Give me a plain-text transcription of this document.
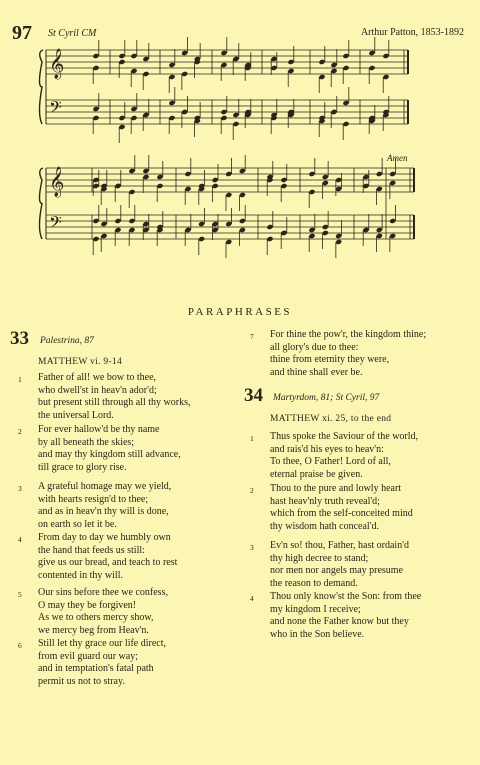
97 St Cyril CM	Arthur Patton, 1853-1892
Amen
𝄞
𝄢
𝄞
𝄢
PARAPHRASES
33 Palestrina, 87
MATTHEW vi. 9-14
1 Father of all! we bow to thee,
who dwell'st in heav'n ador'd;
but present still through all thy works,
the universal Lord.
2 For ever hallow'd be thy name
by all beneath the skies;
and may thy kingdom still advance,
till grace to glory rise.
3 A grateful homage may we yield,
with hearts resign'd to thee;
and as in heav'n thy will is done,
on earth so let it be.
4 From day to day we humbly own
the hand that feeds us still:
give us our bread, and teach to rest
contented in thy will.
5 Our sins before thee we confess,
O may they be forgiven!
As we to others mercy show,
we mercy beg from Heav'n.
6 Still let thy grace our life direct,
from evil guard our way;
and in temptation's fatal path
permit us not to stray.
7 For thine the pow'r, the kingdom thine;
all glory's due to thee:
thine from eternity they were,
and thine shall ever be.
34 Martyrdom, 81; St Cyril, 97
MATTHEW xi. 25, to the end
1 Thus spoke the Saviour of the world,
and rais'd his eyes to heav'n:
To thee, O Father! Lord of all,
eternal praise be given.
2 Thou to the pure and lowly heart
hast heav'nly truth reveal'd;
which from the self-conceited mind
thy wisdom hath conceal'd.
3 Ev'n so! thou, Father, hast ordain'd
thy high decree to stand;
nor men nor angels may presume
the reason to demand.
4 Thou only know'st the Son: from thee
my kingdom I receive;
and none the Father know but they
who in the Son believe.
